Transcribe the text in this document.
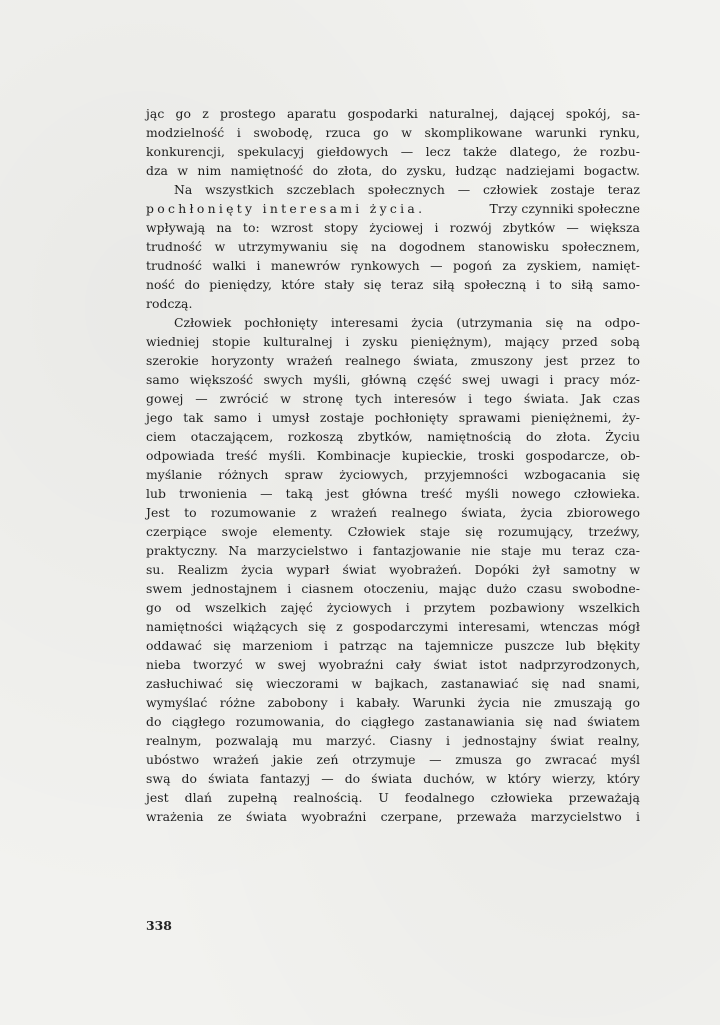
jąc go z prostego aparatu gospodarki naturalnej, dającej spokój, sa-
modzielność i swobodę, rzuca go w skomplikowane warunki rynku,
konkurencji, spekulacyj giełdowych — lecz także dlatego, że rozbu-
dza w nim namiętność do złota, do zysku, łudząc nadziejami bogactw.
Na wszystkich szczeblach społecznych — człowiek zostaje teraz
pochłonięty interesami życia.	Trzy czynniki społeczne
wpływają na to: wzrost stopy życiowej i rozwój zbytków — większa
trudność w utrzymywaniu się na dogodnem stanowisku społecznem,
trudność walki i manewrów rynkowych — pogoń za zyskiem, namięt-
ność do pieniędzy, które stały się teraz siłą społeczną i to siłą samo-
rodczą.
Człowiek pochłonięty interesami życia (utrzymania się na odpo-
wiedniej stopie kulturalnej i zysku pieniężnym), mający przed sobą
szerokie horyzonty wrażeń realnego świata, zmuszony jest przez to
samo większość swych myśli, główną część swej uwagi i pracy móz-
gowej — zwrócić w stronę tych interesów i tego świata. Jak czas
jego tak samo i umysł zostaje pochłonięty sprawami pieniężnemi, ży-
ciem otaczającem, rozkoszą zbytków, namiętnością do złota. Życiu
odpowiada treść myśli. Kombinacje kupieckie, troski gospodarcze, ob-
myślanie różnych spraw życiowych, przyjemności wzbogacania się
lub trwonienia — taką jest główna treść myśli nowego człowieka.
Jest to rozumowanie z wrażeń realnego świata, życia zbiorowego
czerpiące swoje elementy. Człowiek staje się rozumujący, trzeźwy,
praktyczny. Na marzycielstwo i fantazjowanie nie staje mu teraz cza-
su. Realizm życia wyparł świat wyobrażeń. Dopóki żył samotny w
swem jednostajnem i ciasnem otoczeniu, mając dużo czasu swobodne-
go od wszelkich zajęć życiowych i przytem pozbawiony wszelkich
namiętności wiążących się z gospodarczymi interesami, wtenczas mógł
oddawać się marzeniom i patrząc na tajemnicze puszcze lub błękity
nieba tworzyć w swej wyobraźni cały świat istot nadprzyrodzonych,
zasłuchiwać się wieczorami w bajkach, zastanawiać się nad snami,
wymyślać różne zabobony i kabały. Warunki życia nie zmuszają go
do ciągłego rozumowania, do ciągłego zastanawiania się nad światem
realnym, pozwalają mu marzyć. Ciasny i jednostajny świat realny,
ubóstwo wrażeń jakie zeń otrzymuje — zmusza go zwracać myśl
swą do świata fantazyj — do świata duchów, w który wierzy, który
jest dlań zupełną realnością. U feodalnego człowieka przeważają
wrażenia ze świata wyobraźni czerpane, przeważa marzycielstwo i
338
